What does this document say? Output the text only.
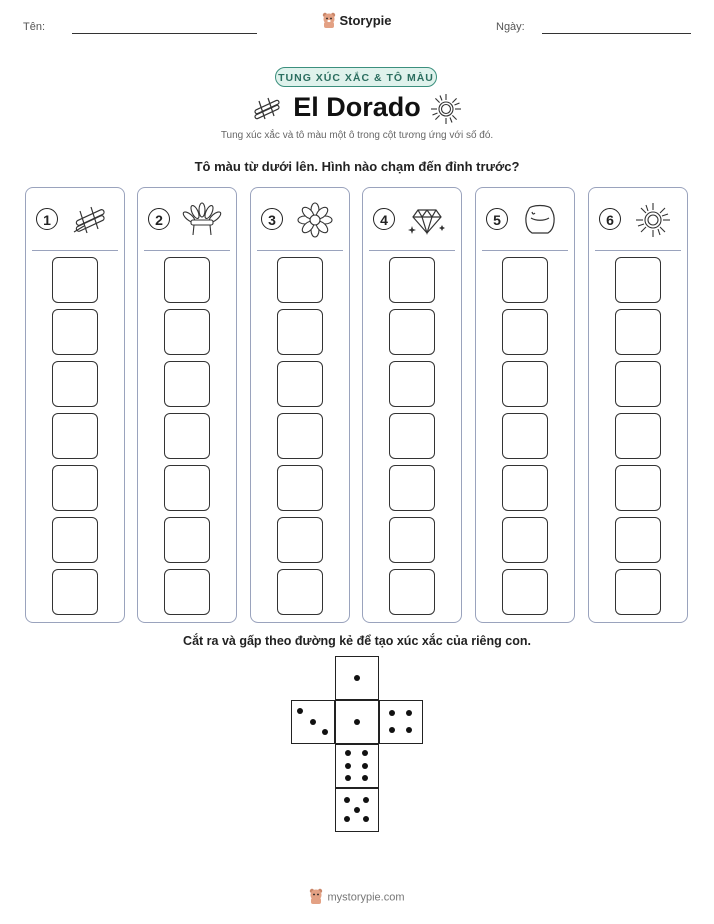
Tên:	Storypie	Ngày:
TUNG XÚC XẮC & TÔ MÀU
El Dorado
Tung xúc xắc và tô màu một ô trong cột tương ứng với số đó.
Tô màu từ dưới lên. Hình nào chạm đến đỉnh trước?
1	2	3	4	5	6
Cắt ra và gấp theo đường kẻ để tạo xúc xắc của riêng con.
mystorypie.com
